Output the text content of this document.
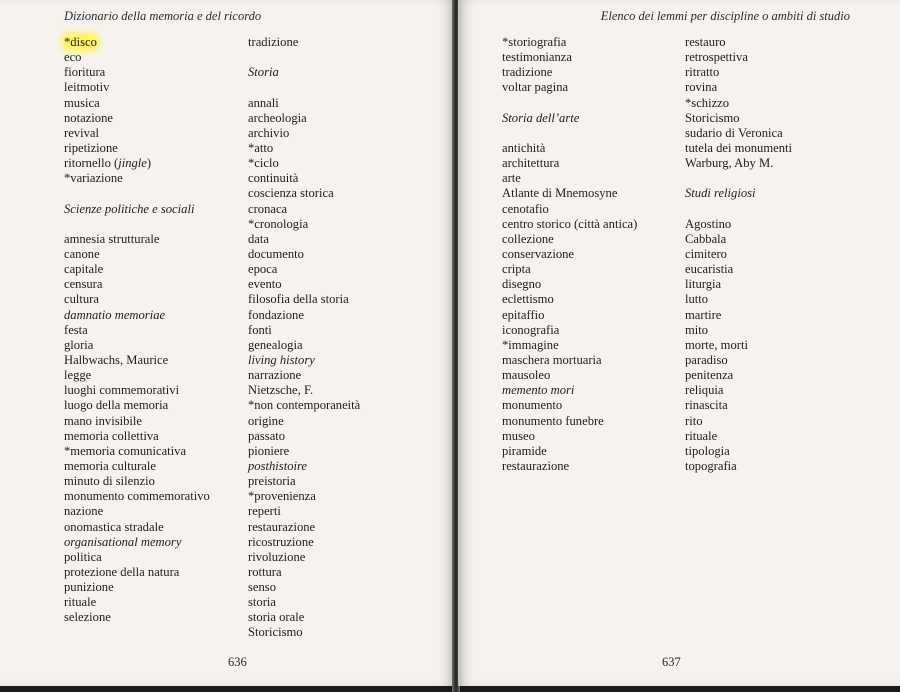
Dizionario della memoria e del ricordo
*disco
eco
fioritura
leitmotiv
musica
notazione
revival
ripetizione
ritornello (jingle)
*variazione
Scienze politiche e sociali
amnesia strutturale
canone
capitale
censura
cultura
damnatio memoriae
festa
gloria
Halbwachs, Maurice
legge
luoghi commemorativi
luogo della memoria
mano invisibile
memoria collettiva
*memoria comunicativa
memoria culturale
minuto di silenzio
monumento commemorativo
nazione
onomastica stradale
organisational memory
politica
protezione della natura
punizione
rituale
selezione
tradizione
Storia
annali
archeologia
archivio
*atto
*ciclo
continuità
coscienza storica
cronaca
*cronologia
data
documento
epoca
evento
filosofia della storia
fondazione
fonti
genealogia
living history
narrazione
Nietzsche, F.
*non contemporaneità
origine
passato
pioniere
posthistoire
preistoria
*provenienza
reperti
restaurazione
ricostruzione
rivoluzione
rottura
senso
storia
storia orale
Storicismo
636
Elenco dei lemmi per discipline o ambiti di studio
*storiografia
testimonianza
tradizione
voltar pagina
Storia dell’arte
antichità
architettura
arte
Atlante di Mnemosyne
cenotafio
centro storico (città antica)
collezione
conservazione
cripta
disegno
eclettismo
epitaffio
iconografia
*immagine
maschera mortuaria
mausoleo
memento mori
monumento
monumento funebre
museo
piramide
restaurazione
restauro
retrospettiva
ritratto
rovina
*schizzo
Storicismo
sudario di Veronica
tutela dei monumenti
Warburg, Aby M.
Studi religiosi
Agostino
Cabbala
cimitero
eucaristia
liturgia
lutto
martire
mito
morte, morti
paradiso
penitenza
reliquia
rinascita
rito
rituale
tipologia
topografia
637
